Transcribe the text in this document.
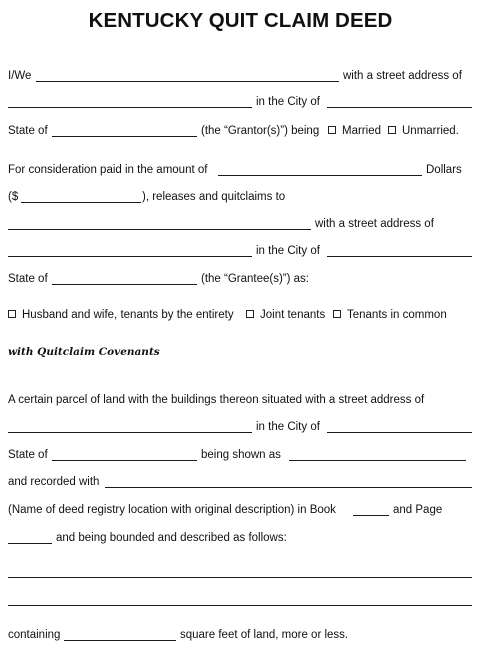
KENTUCKY QUIT CLAIM DEED
I/We	with a street address of
in the City of
State of	(the “Grantor(s)”) being Married Unmarried.
For consideration paid in the amount of	Dollars
($	), releases and quitclaims to
with a street address of
in the City of
State of	(the “Grantee(s)”) as:
Husband and wife, tenants by the entirety Joint tenants Tenants in common
with Quitclaim Covenants
A certain parcel of land with the buildings thereon situated with a street address of
in the City of
State of	being shown as
and recorded with
(Name of deed registry location with original description) in Book	and Page
and being bounded and described as follows:
containing	square feet of land, more or less.
